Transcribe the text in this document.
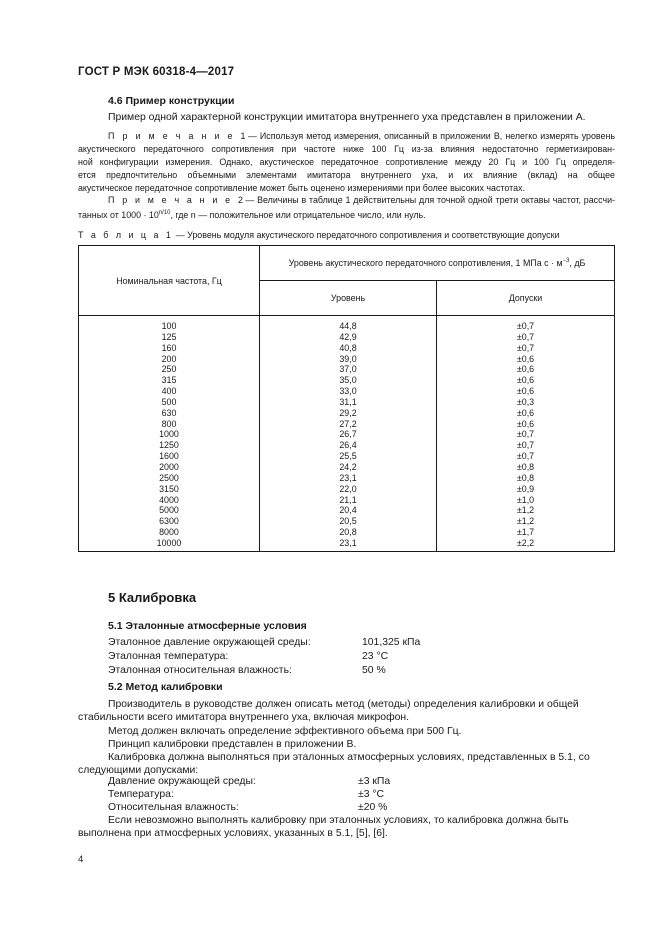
ГОСТ Р МЭК 60318-4—2017
4.6 Пример конструкции
Пример одной характерной конструкции имитатора внутреннего уха представлен в приложении А.
П р и м е ч а н и е 1— Используя метод измерения, описанный в приложении В, нелегко измерять уровень
акустического передаточного сопротивления при частоте ниже 100 Гц из-за влияния недостаточно герметизирован-
ной конфигурации измерения. Однако, акустическое передаточное сопротивление между 20 Гц и 100 Гц определя-
ется предпочтительно объемными элементами имитатора внутреннего уха, и их влияние (вклад) на общее
акустическое передаточное сопротивление может быть оценено измерениями при более высоких частотах.
П р и м е ч а н и е 2— Величины в таблице 1 действительны для точной одной трети октавы частот, рассчи-
танных от $1000 \cdot 10^{n/10}$, где n — положительное или отрицательное число, или нуль.
Т а б л и ц а 1 — Уровень модуля акустического передаточного сопротивления и соответствующие допуски
Номинальная частота, Гц	Уровень акустического передаточного сопротивления, 1 МПа $с \cdot м^{-3}$, дБ	
	Уровень	Допуски
100	44,8	±0,7
125	42,9	±0,7
160	40,8	±0,7
200	39,0	±0,6
250	37,0	±0,6
315	35,0	±0,6
400	33,0	±0,6
500	31,1	±0,3
630	29,2	±0,6
800	27,2	±0,6
1000	26,7	±0,7
1250	26,4	±0,7
1600	25,5	±0,7
2000	24,2	±0,8
2500	23,1	±0,8
3150	22,0	±0,9
4000	21,1	±1,0
5000	20,4	±1,2
6300	20,5	±1,2
8000	20,8	±1,7
10000	23,1	±2,2
5 Калибровка
5.1 Эталонные атмосферные условия
Эталонное давление окружающей среды:	101,325 кПа
Эталонная температура:	23 °С
Эталонная относительная влажность:	50 %
5.2 Метод калибровки
Производитель в руководстве должен описать метод (методы) определения калибровки и общей
стабильности всего имитатора внутреннего уха, включая микрофон.
Метод должен включать определение эффективного объема при 500 Гц.
Принцип калибровки представлен в приложении В.
Калибровка должна выполняться при эталонных атмосферных условиях, представленных в 5.1, со
следующими допусками:
Давление окружающей среды:	±3 кПа
Температура:	±3 °С
Относительная влажность:	±20 %
Если невозможно выполнять калибровку при эталонных условиях, то калибровка должна быть
выполнена при атмосферных условиях, указанных в 5.1, [5], [6].
4
